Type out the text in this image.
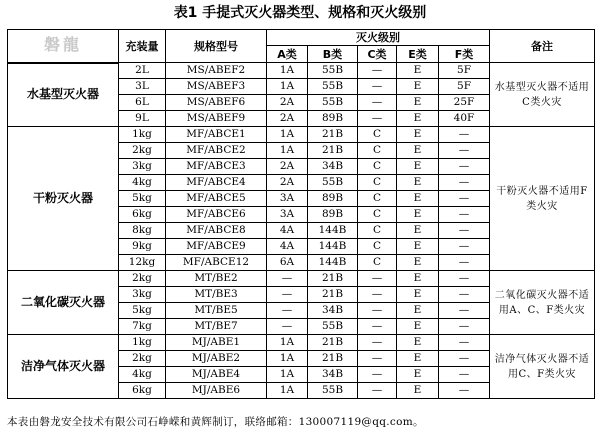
表1 手提式灭火器类型、规格和灭火级别
磐龍	充装量	规格型号	灭火级别					备注
			A类	B类	C类	E类	F类	
水基型灭火器	2L	MS/ABEF2	1A	55B	—	E	5F	水基型灭火器不适用C类火灾
	3L	MS/ABEF3	1A	55B	—	E	5F	
	6L	MS/ABEF6	2A	55B	—	E	25F	
	9L	MS/ABEF9	2A	89B	—	E	40F	
干粉灭火器	1kg	MF/ABCE1	1A	21B	C	E	—	干粉灭火器不适用F类火灾
	2kg	MF/ABCE2	1A	21B	C	E	—	
	3kg	MF/ABCE3	2A	34B	C	E	—	
	4kg	MF/ABCE4	2A	55B	C	E	—	
	5kg	MF/ABCE5	3A	89B	C	E	—	
	6kg	MF/ABCE6	3A	89B	C	E	—	
	8kg	MF/ABCE8	4A	144B	C	E	—	
	9kg	MF/ABCE9	4A	144B	C	E	—	
	12kg	MF/ABCE12	6A	144B	C	E	—	
二氧化碳灭火器	2kg	MT/BE2	—	21B	—	E	—	二氧化碳灭火器不适用A、C、F类火灾
	3kg	MT/BE3	—	21B	—	E	—	
	5kg	MT/BE5	—	34B	—	E	—	
	7kg	MT/BE7	—	55B	—	E	—	
洁净气体灭火器	1kg	MJ/ABE1	1A	21B	—	E	—	洁净气体灭火器不适用C、F类火灾
	2kg	MJ/ABE2	1A	21B	—	E	—	
	4kg	MJ/ABE4	1A	34B	—	E	—	
	6kg	MJ/ABE6	1A	55B	—	E	—	
本表由磐龙安全技术有限公司石峥嵘和黄辉制订，联络邮箱：130007119@qq.com。
